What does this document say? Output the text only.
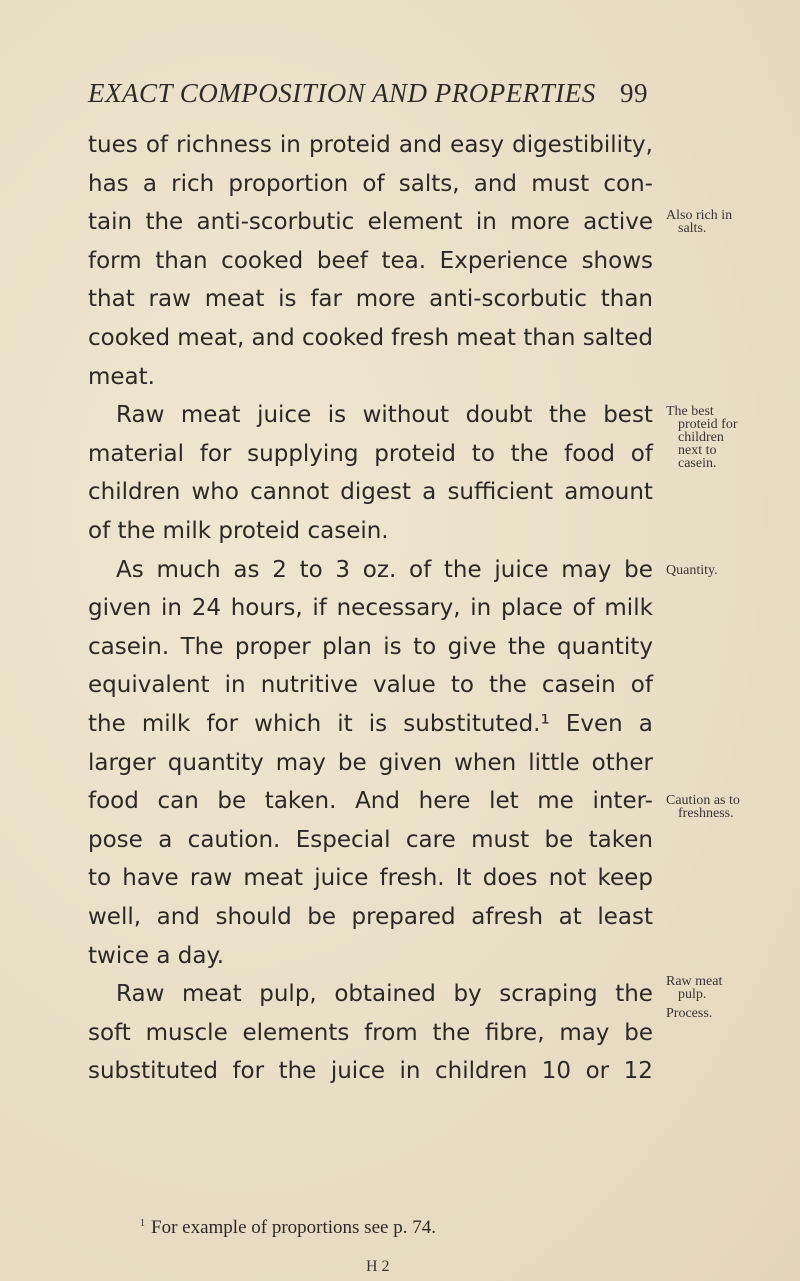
EXACT COMPOSITION AND PROPERTIES 99
tues of richness in proteid and easy digestibility,
has a rich proportion of salts, and must con-
tain the anti-scorbutic element in more active
form than cooked beef tea. Experience shows
that raw meat is far more anti-scorbutic than
cooked meat, and cooked fresh meat than salted
meat.
Raw meat juice is without doubt the best
material for supplying proteid to the food of
children who cannot digest a sufficient amount
of the milk proteid casein.
As much as 2 to 3 oz. of the juice may be
given in 24 hours, if necessary, in place of milk
casein. The proper plan is to give the quantity
equivalent in nutritive value to the casein of
the milk for which it is substituted.¹ Even a
larger quantity may be given when little other
food can be taken. And here let me inter-
pose a caution. Especial care must be taken
to have raw meat juice fresh. It does not keep
well, and should be prepared afresh at least
twice a day.
Raw meat pulp, obtained by scraping the
soft muscle elements from the fibre, may be
substituted for the juice in children 10 or 12
Also rich in
salts.
The best
proteid for
children
next to
casein.
Quantity.
Caution as to
freshness.
Raw meat
pulp.
Process.
$^1$ For example of proportions see p. 74.
H 2
